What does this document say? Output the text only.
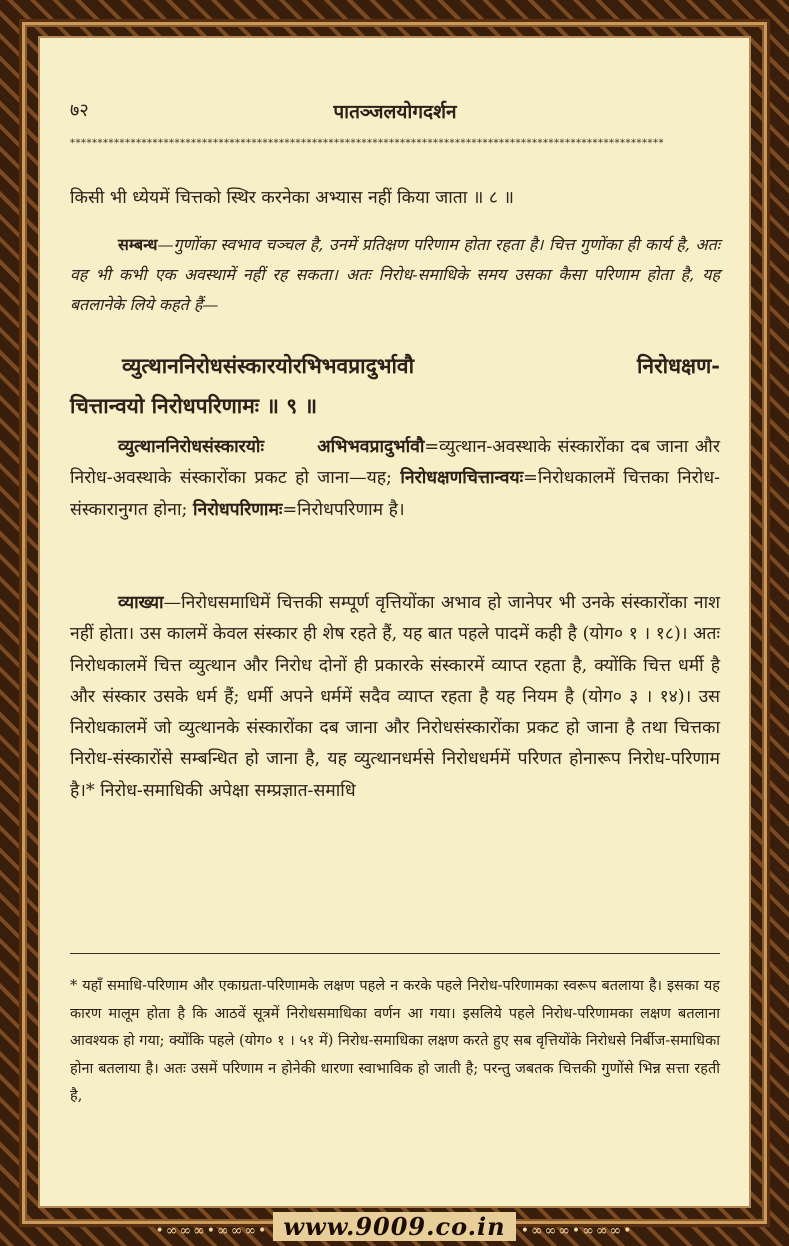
७२	पातञ्जलयोगदर्शन
************************************************************************************************************

किसी भी ध्येयमें चित्तको स्थिर करनेका अभ्यास नहीं किया जाता ॥ ८ ॥

सम्बन्ध—गुणोंका स्वभाव चञ्चल है, उनमें प्रतिक्षण परिणाम होता रहता है। चित्त गुणोंका ही कार्य है, अतः वह भी कभी एक अवस्थामें नहीं रह सकता। अतः निरोध-समाधिके समय उसका कैसा परिणाम होता है, यह बतलानेके लिये कहते हैं—

व्युत्थाननिरोधसंस्कारयोरभिभवप्रादुर्भावौ निरोधक्षण-
चित्तान्वयो निरोधपरिणामः ॥ ९ ॥

व्युत्थाननिरोधसंस्कारयोः	अभिभवप्रादुर्भावौ=व्युत्थान-अवस्थाके संस्कारोंका दब जाना और निरोध-अवस्थाके संस्कारोंका प्रकट हो जाना—यह; निरोधक्षणचित्तान्वयः=निरोधकालमें चित्तका निरोध-संस्कारानुगत होना; निरोधपरिणामः=निरोधपरिणाम है।

व्याख्या—निरोधसमाधिमें चित्तकी सम्पूर्ण वृत्तियोंका अभाव हो जानेपर भी उनके संस्कारोंका नाश नहीं होता। उस कालमें केवल संस्कार ही शेष रहते हैं, यह बात पहले पादमें कही है (योग० १ । १८)। अतः निरोधकालमें चित्त व्युत्थान और निरोध दोनों ही प्रकारके संस्कारमें व्याप्त रहता है, क्योंकि चित्त धर्मी है और संस्कार उसके धर्म हैं; धर्मी अपने धर्ममें सदैव व्याप्त रहता है यह नियम है (योग० ३ । १४)। उस निरोधकालमें जो व्युत्थानके संस्कारोंका दब जाना और निरोधसंस्कारोंका प्रकट हो जाना है तथा चित्तका निरोध-संस्कारोंसे सम्बन्धित हो जाना है, यह व्युत्थानधर्मसे निरोधधर्ममें परिणत होनारूप निरोध-परिणाम है।* निरोध-समाधिकी अपेक्षा सम्प्रज्ञात-समाधि

* यहाँ समाधि-परिणाम और एकाग्रता-परिणामके लक्षण पहले न करके पहले निरोध-परिणामका स्वरूप बतलाया है। इसका यह कारण मालूम होता है कि आठवें सूत्रमें निरोधसमाधिका वर्णन आ गया। इसलिये पहले निरोध-परिणामका लक्षण बतलाना आवश्यक हो गया; क्योंकि पहले (योग० १ । ५१ में) निरोध-समाधिका लक्षण करते हुए सब वृत्तियोंके निरोधसे निर्बीज-समाधिका होना बतलाया है। अतः उसमें परिणाम न होनेकी धारणा स्वाभाविक हो जाती है; परन्तु जबतक चित्तकी गुणोंसे भिन्न सत्ता रहती है,

•∞∞∞•∞∞∞• www.9009.co.in •∞∞∞•∞∞∞•
